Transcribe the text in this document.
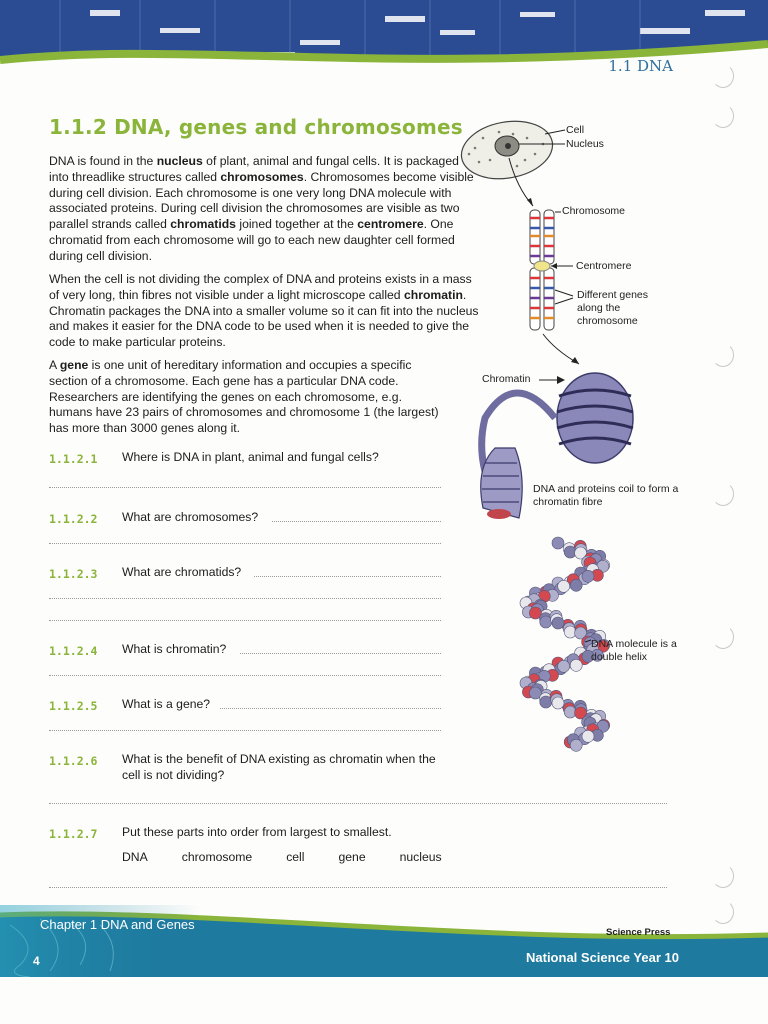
1.1 DNA
1.1.2 DNA, genes and chromosomes
DNA is found in the nucleus of plant, animal and fungal cells. It is packaged into threadlike structures called chromosomes. Chromosomes become visible during cell division. Each chromosome is one very long DNA molecule with associated proteins. During cell division the chromosomes are visible as two parallel strands called chromatids joined together at the centromere. One chromatid from each chromosome will go to each new daughter cell formed during cell division.
When the cell is not dividing the complex of DNA and proteins exists in a mass of very long, thin fibres not visible under a light microscope called chromatin. Chromatin packages the DNA into a smaller volume so it can fit into the nucleus and makes it easier for the DNA code to be used when it is needed to give the code to make particular proteins.
A gene is one unit of hereditary information and occupies a specific section of a chromosome. Each gene has a particular DNA code. Researchers are identifying the genes on each chromosome, e.g. humans have 23 pairs of chromosomes and chromosome 1 (the largest) has more than 3000 genes along it.
1.1.2.1 Where is DNA in plant, animal and fungal cells?
1.1.2.2 What are chromosomes?
1.1.2.3 What are chromatids?
1.1.2.4 What is chromatin?
1.1.2.5 What is a gene?
1.1.2.6 What is the benefit of DNA existing as chromatin when the cell is not dividing?
1.1.2.7 Put these parts into order from largest to smallest.
DNA	chromosome	cell	gene	nucleus
Cell
Nucleus
Chromosome
Centromere
Different genes along the chromosome
Chromatin
DNA and proteins coil to form a chromatin fibre
DNA molecule is a double helix
Chapter 1 DNA and Genes
4
Science Press
National Science Year 10
